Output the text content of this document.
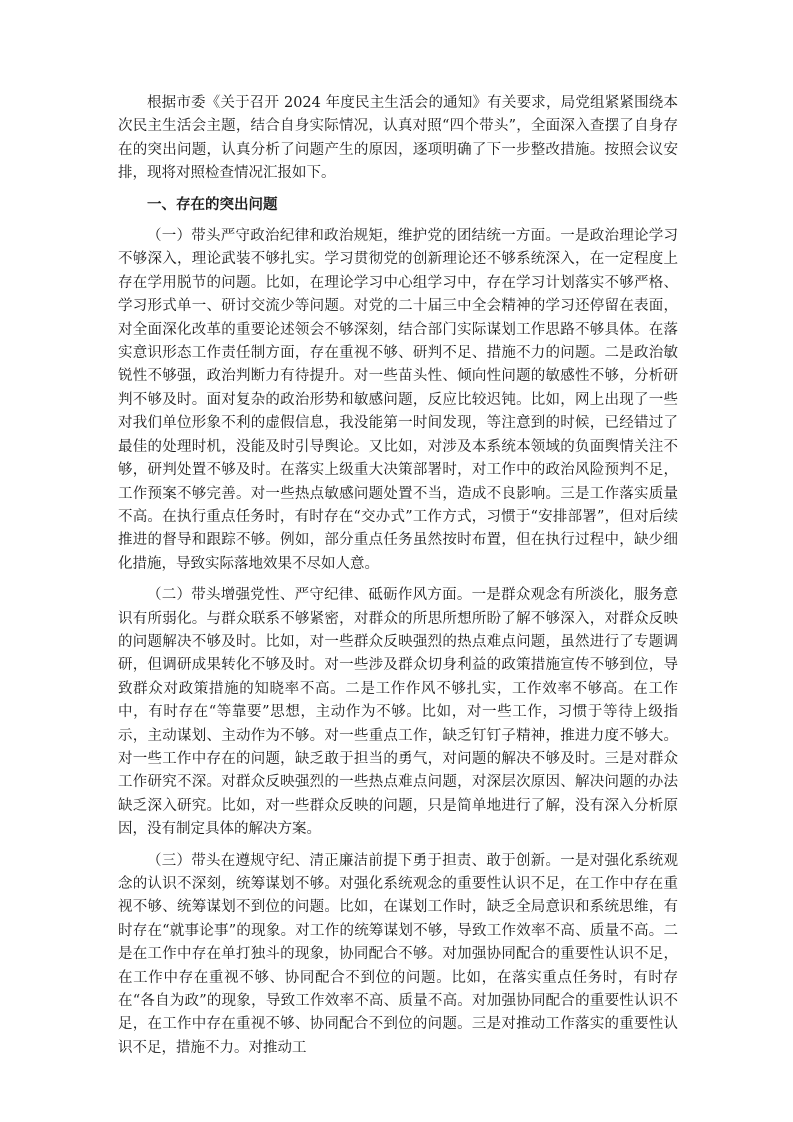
根据市委《关于召开 2024 年度民主生活会的通知》有关要求，局党组紧紧围绕本次民主生活会主题，结合自身实际情况，认真对照“四个带头”，全面深入查摆了自身存在的突出问题，认真分析了问题产生的原因，逐项明确了下一步整改措施。按照会议安排，现将对照检查情况汇报如下。

一、存在的突出问题

（一）带头严守政治纪律和政治规矩，维护党的团结统一方面。一是政治理论学习不够深入，理论武装不够扎实。学习贯彻党的创新理论还不够系统深入，在一定程度上存在学用脱节的问题。比如，在理论学习中心组学习中，存在学习计划落实不够严格、学习形式单一、研讨交流少等问题。对党的二十届三中全会精神的学习还停留在表面，对全面深化改革的重要论述领会不够深刻，结合部门实际谋划工作思路不够具体。在落实意识形态工作责任制方面，存在重视不够、研判不足、措施不力的问题。二是政治敏锐性不够强，政治判断力有待提升。对一些苗头性、倾向性问题的敏感性不够，分析研判不够及时。面对复杂的政治形势和敏感问题，反应比较迟钝。比如，网上出现了一些对我们单位形象不利的虚假信息，我没能第一时间发现，等注意到的时候，已经错过了最佳的处理时机，没能及时引导舆论。又比如，对涉及本系统本领域的负面舆情关注不够，研判处置不够及时。在落实上级重大决策部署时，对工作中的政治风险预判不足，工作预案不够完善。对一些热点敏感问题处置不当，造成不良影响。三是工作落实质量不高。在执行重点任务时，有时存在“交办式”工作方式，习惯于“安排部署”，但对后续推进的督导和跟踪不够。例如，部分重点任务虽然按时布置，但在执行过程中，缺少细化措施，导致实际落地效果不尽如人意。

（二）带头增强党性、严守纪律、砥砺作风方面。一是群众观念有所淡化，服务意识有所弱化。与群众联系不够紧密，对群众的所思所想所盼了解不够深入，对群众反映的问题解决不够及时。比如，对一些群众反映强烈的热点难点问题，虽然进行了专题调研，但调研成果转化不够及时。对一些涉及群众切身利益的政策措施宣传不够到位，导致群众对政策措施的知晓率不高。二是工作作风不够扎实，工作效率不够高。在工作中，有时存在“等靠要”思想，主动作为不够。比如，对一些工作，习惯于等待上级指示，主动谋划、主动作为不够。对一些重点工作，缺乏钉钉子精神，推进力度不够大。对一些工作中存在的问题，缺乏敢于担当的勇气，对问题的解决不够及时。三是对群众工作研究不深。对群众反映强烈的一些热点难点问题，对深层次原因、解决问题的办法缺乏深入研究。比如，对一些群众反映的问题，只是简单地进行了解，没有深入分析原因，没有制定具体的解决方案。

（三）带头在遵规守纪、清正廉洁前提下勇于担责、敢于创新。一是对强化系统观念的认识不深刻，统筹谋划不够。对强化系统观念的重要性认识不足，在工作中存在重视不够、统筹谋划不到位的问题。比如，在谋划工作时，缺乏全局意识和系统思维，有时存在“就事论事”的现象。对工作的统筹谋划不够，导致工作效率不高、质量不高。二是在工作中存在单打独斗的现象，协同配合不够。对加强协同配合的重要性认识不足，在工作中存在重视不够、协同配合不到位的问题。比如，在落实重点任务时，有时存在“各自为政”的现象，导致工作效率不高、质量不高。对加强协同配合的重要性认识不足，在工作中存在重视不够、协同配合不到位的问题。三是对推动工作落实的重要性认识不足，措施不力。对推动工
